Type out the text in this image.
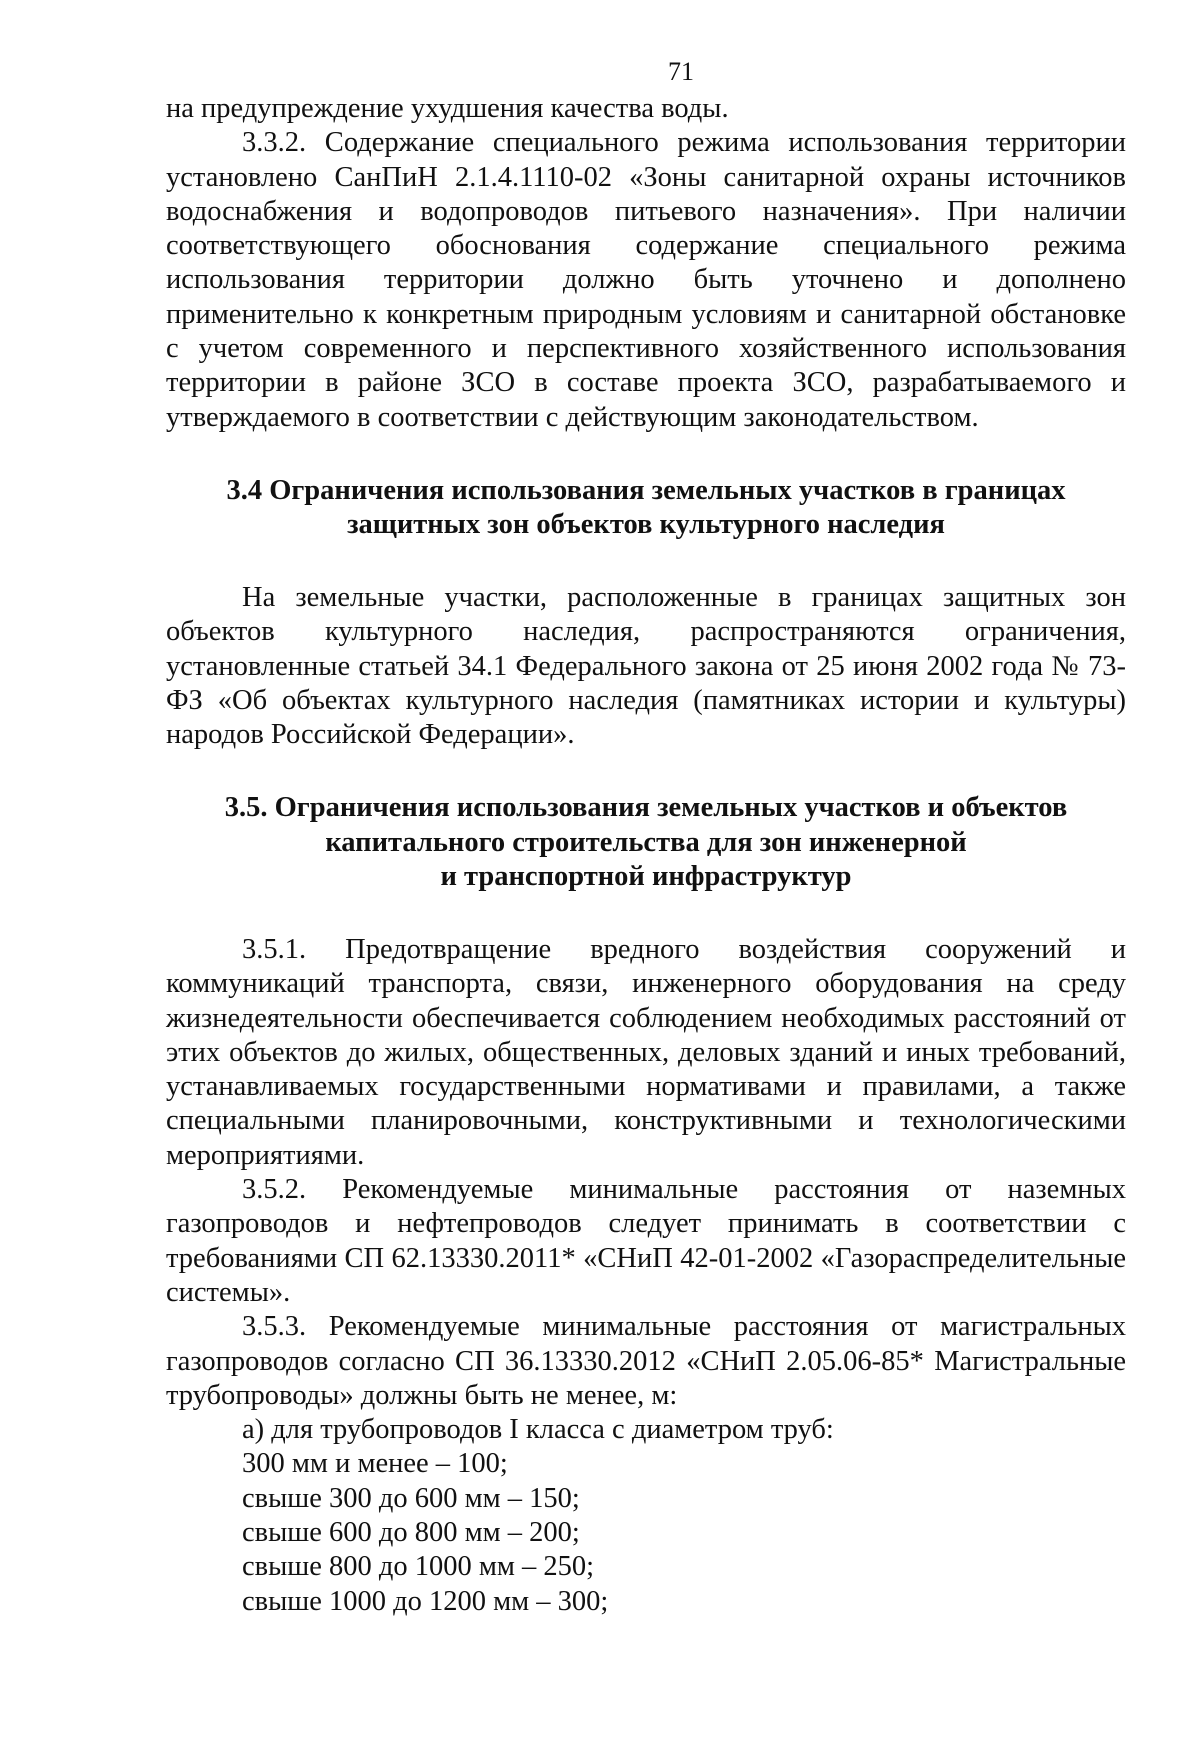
71

на предупреждение ухудшения качества воды.

3.3.2. Содержание специального режима использования территории установлено СанПиН 2.1.4.1110-02 «Зоны санитарной охраны источников водоснабжения и водопроводов питьевого назначения». При наличии соответствующего обоснования содержание специального режима использования территории должно быть уточнено и дополнено применительно к конкретным природным условиям и санитарной обстановке с учетом современного и перспективного хозяйственного использования территории в районе ЗСО в составе проекта ЗСО, разрабатываемого и утверждаемого в соответствии с действующим законодательством.

3.4 Ограничения использования земельных участков в границах
защитных зон объектов культурного наследия

На земельные участки, расположенные в границах защитных зон объектов культурного наследия, распространяются ограничения, установленные статьей 34.1 Федерального закона от 25 июня 2002 года № 73-ФЗ «Об объектах культурного наследия (памятниках истории и культуры) народов Российской Федерации».

3.5. Ограничения использования земельных участков и объектов
капитального строительства для зон инженерной
и транспортной инфраструктур

3.5.1. Предотвращение вредного воздействия сооружений и коммуникаций транспорта, связи, инженерного оборудования на среду жизнедеятельности обеспечивается соблюдением необходимых расстояний от этих объектов до жилых, общественных, деловых зданий и иных требований, устанавливаемых государственными нормативами и правилами, а также специальными планировочными, конструктивными и технологическими мероприятиями.

3.5.2. Рекомендуемые минимальные расстояния от наземных газопроводов и нефтепроводов следует принимать в соответствии с требованиями СП 62.13330.2011* «СНиП 42-01-2002 «Газораспределительные системы».

3.5.3. Рекомендуемые минимальные расстояния от магистральных газопроводов согласно СП 36.13330.2012 «СНиП 2.05.06-85* Магистральные трубопроводы» должны быть не менее, м:

а) для трубопроводов I класса с диаметром труб:
300 мм и менее – 100;
свыше 300 до 600 мм – 150;
свыше 600 до 800 мм – 200;
свыше 800 до 1000 мм – 250;
свыше 1000 до 1200 мм – 300;
